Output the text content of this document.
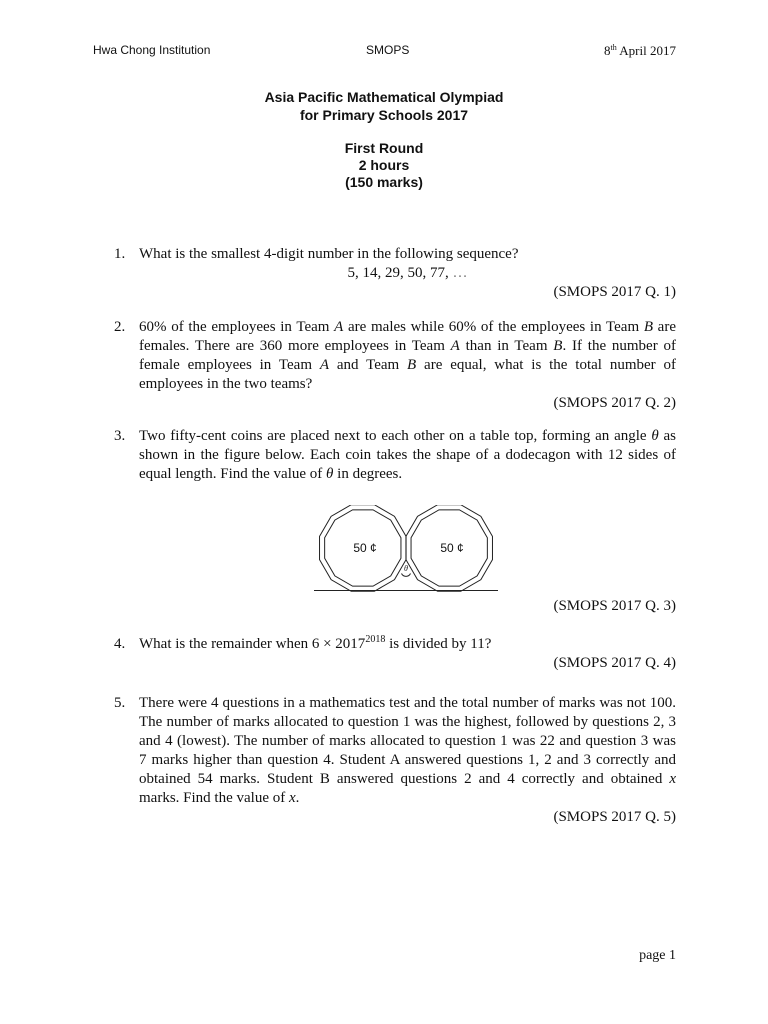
Hwa Chong Institution	SMOPS	8th April 2017
Asia Pacific Mathematical Olympiad
for Primary Schools 2017
First Round
2 hours
(150 marks)
1. What is the smallest 4-digit number in the following sequence?
5, 14, 29, 50, 77, …
(SMOPS 2017 Q. 1)
2. 60% of the employees in Team A are males while 60% of the employees in Team B are females. There are 360 more employees in Team A than in Team B. If the number of female employees in Team A and Team B are equal, what is the total number of employees in the two teams?
(SMOPS 2017 Q. 2)
3. Two fifty-cent coins are placed next to each other on a table top, forming an angle θ as shown in the figure below. Each coin takes the shape of a dodecagon with 12 sides of equal length. Find the value of θ in degrees.
50 ¢	50 ¢
θ
(SMOPS 2017 Q. 3)
4. What is the remainder when $6 \times 2017^{2018}$ is divided by 11?
(SMOPS 2017 Q. 4)
5. There were 4 questions in a mathematics test and the total number of marks was not 100. The number of marks allocated to question 1 was the highest, followed by questions 2, 3 and 4 (lowest). The number of marks allocated to question 1 was 22 and question 3 was 7 marks higher than question 4. Student A answered questions 1, 2 and 3 correctly and obtained 54 marks. Student B answered questions 2 and 4 correctly and obtained x marks. Find the value of x.
(SMOPS 2017 Q. 5)
page 1
